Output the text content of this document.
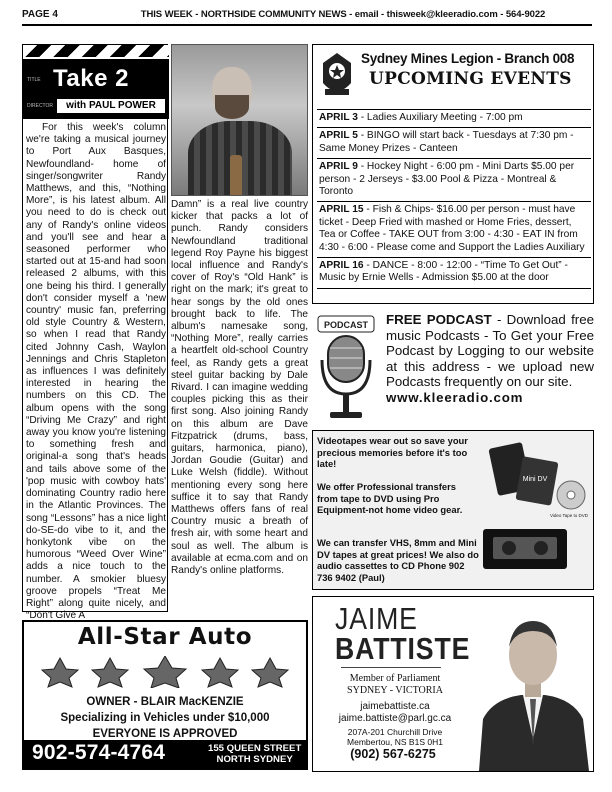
PAGE 4	THIS WEEK - NORTHSIDE COMMUNITY NEWS - email - thisweek@kleeradio.com - 564-9022
TITLE Take 2
DIRECTOR	with PAUL POWER

For this week's column we're taking a musical journey to Port Aux Basques, Newfoundland- home of singer/songwriter Randy Matthews, and this, “Nothing More”, is his latest album. All you need to do is check out any of Randy's online videos and you'll see and hear a seasoned performer who started out at 15-and had soon released 2 albums, with this one being his third. I generally don't consider myself a 'new country' music fan, preferring old style Country & Western, so when I read that Randy cited Johnny Cash, Waylon Jennings and Chris Stapleton as influences I was definitely interested in hearing the numbers on this CD. The album opens with the song “Driving Me Crazy” and right away you know you're listening to something fresh and original-a song that's heads and tails above some of the 'pop music with cowboy hats' dominating Country radio here in the Atlantic Provinces. The song “Lessons” has a nice light do-SE-do vibe to it, and the honkytonk vibe on the humorous “Weed Over Wine” adds a nice touch to the number. A smokier bluesy groove propels “Treat Me Right” along quite nicely, and “Don't Give A

Damn” is a real live country kicker that packs a lot of punch. Randy considers Newfoundland traditional legend Roy Payne his biggest local influence and Randy's cover of Roy's “Old Hank” is right on the mark; it's great to hear songs by the old ones brought back to life. The album's namesake song, “Nothing More”, really carries a heartfelt old-school Country feel, as Randy gets a great steel guitar backing by Dale Rivard. I can imagine wedding couples picking this as their first song. Also joining Randy on this album are Dave Fitzpatrick (drums, bass, guitars, harmonica, piano), Jordan Goudie (Guitar) and Luke Welsh (fiddle). Without mentioning every song here suffice it to say that Randy Matthews offers fans of real Country music a breath of fresh air, with some heart and soul as well. The album is available at ecma.com and on Randy's online platforms.

Sydney Mines Legion - Branch 008
UPCOMING EVENTS
APRIL 3 - Ladies Auxiliary Meeting - 7:00 pm
APRIL 5 - BINGO will start back - Tuesdays at 7:30 pm - Same Money Prizes - Canteen
APRIL 9 - Hockey Night - 6:00 pm - Mini Darts $5.00 per person - 2 Jerseys - $3.00 Pool & Pizza - Montreal & Toronto
APRIL 15 - Fish & Chips- $16.00 per person - must have ticket - Deep Fried with mashed or Home Fries, dessert, Tea or Coffee - TAKE OUT from 3:00 - 4:30 - EAT IN from 4:30 - 6:00 - Please come and Support the Ladies Auxiliary
APRIL 16 - DANCE - 8:00 - 12:00 - “Time To Get Out” - Music by Ernie Wells - Admission $5.00 at the door
PODCAST FREE PODCAST - Download free music Podcasts - To Get your Free Podcast by Logging to our website at this address - we upload new Podcasts frequently on our site.
www.kleeradio.com
Videotapes wear out so save your precious memories before it's too late!
We offer Professional transfers from tape to DVD using Pro Equipment-not home video gear.
We can transfer VHS, 8mm and Mini DV tapes at great prices! We also do audio cassettes to CD Phone 902 736 9402 (Paul)
Mini DV
Video Tape to DVD
All-Star Auto
OWNER - BLAIR MacKENZIE
Specializing in Vehicles under $10,000
EVERYONE IS APPROVED
902-574-4764	155 QUEEN STREET
NORTH SYDNEY
JAIME
BATTISTE
Member of Parliament
SYDNEY - VICTORIA
jaimebattiste.ca
jaime.battiste@parl.gc.ca
207A-201 Churchill Drive
Membertou, NS B1S 0H1
(902) 567-6275
